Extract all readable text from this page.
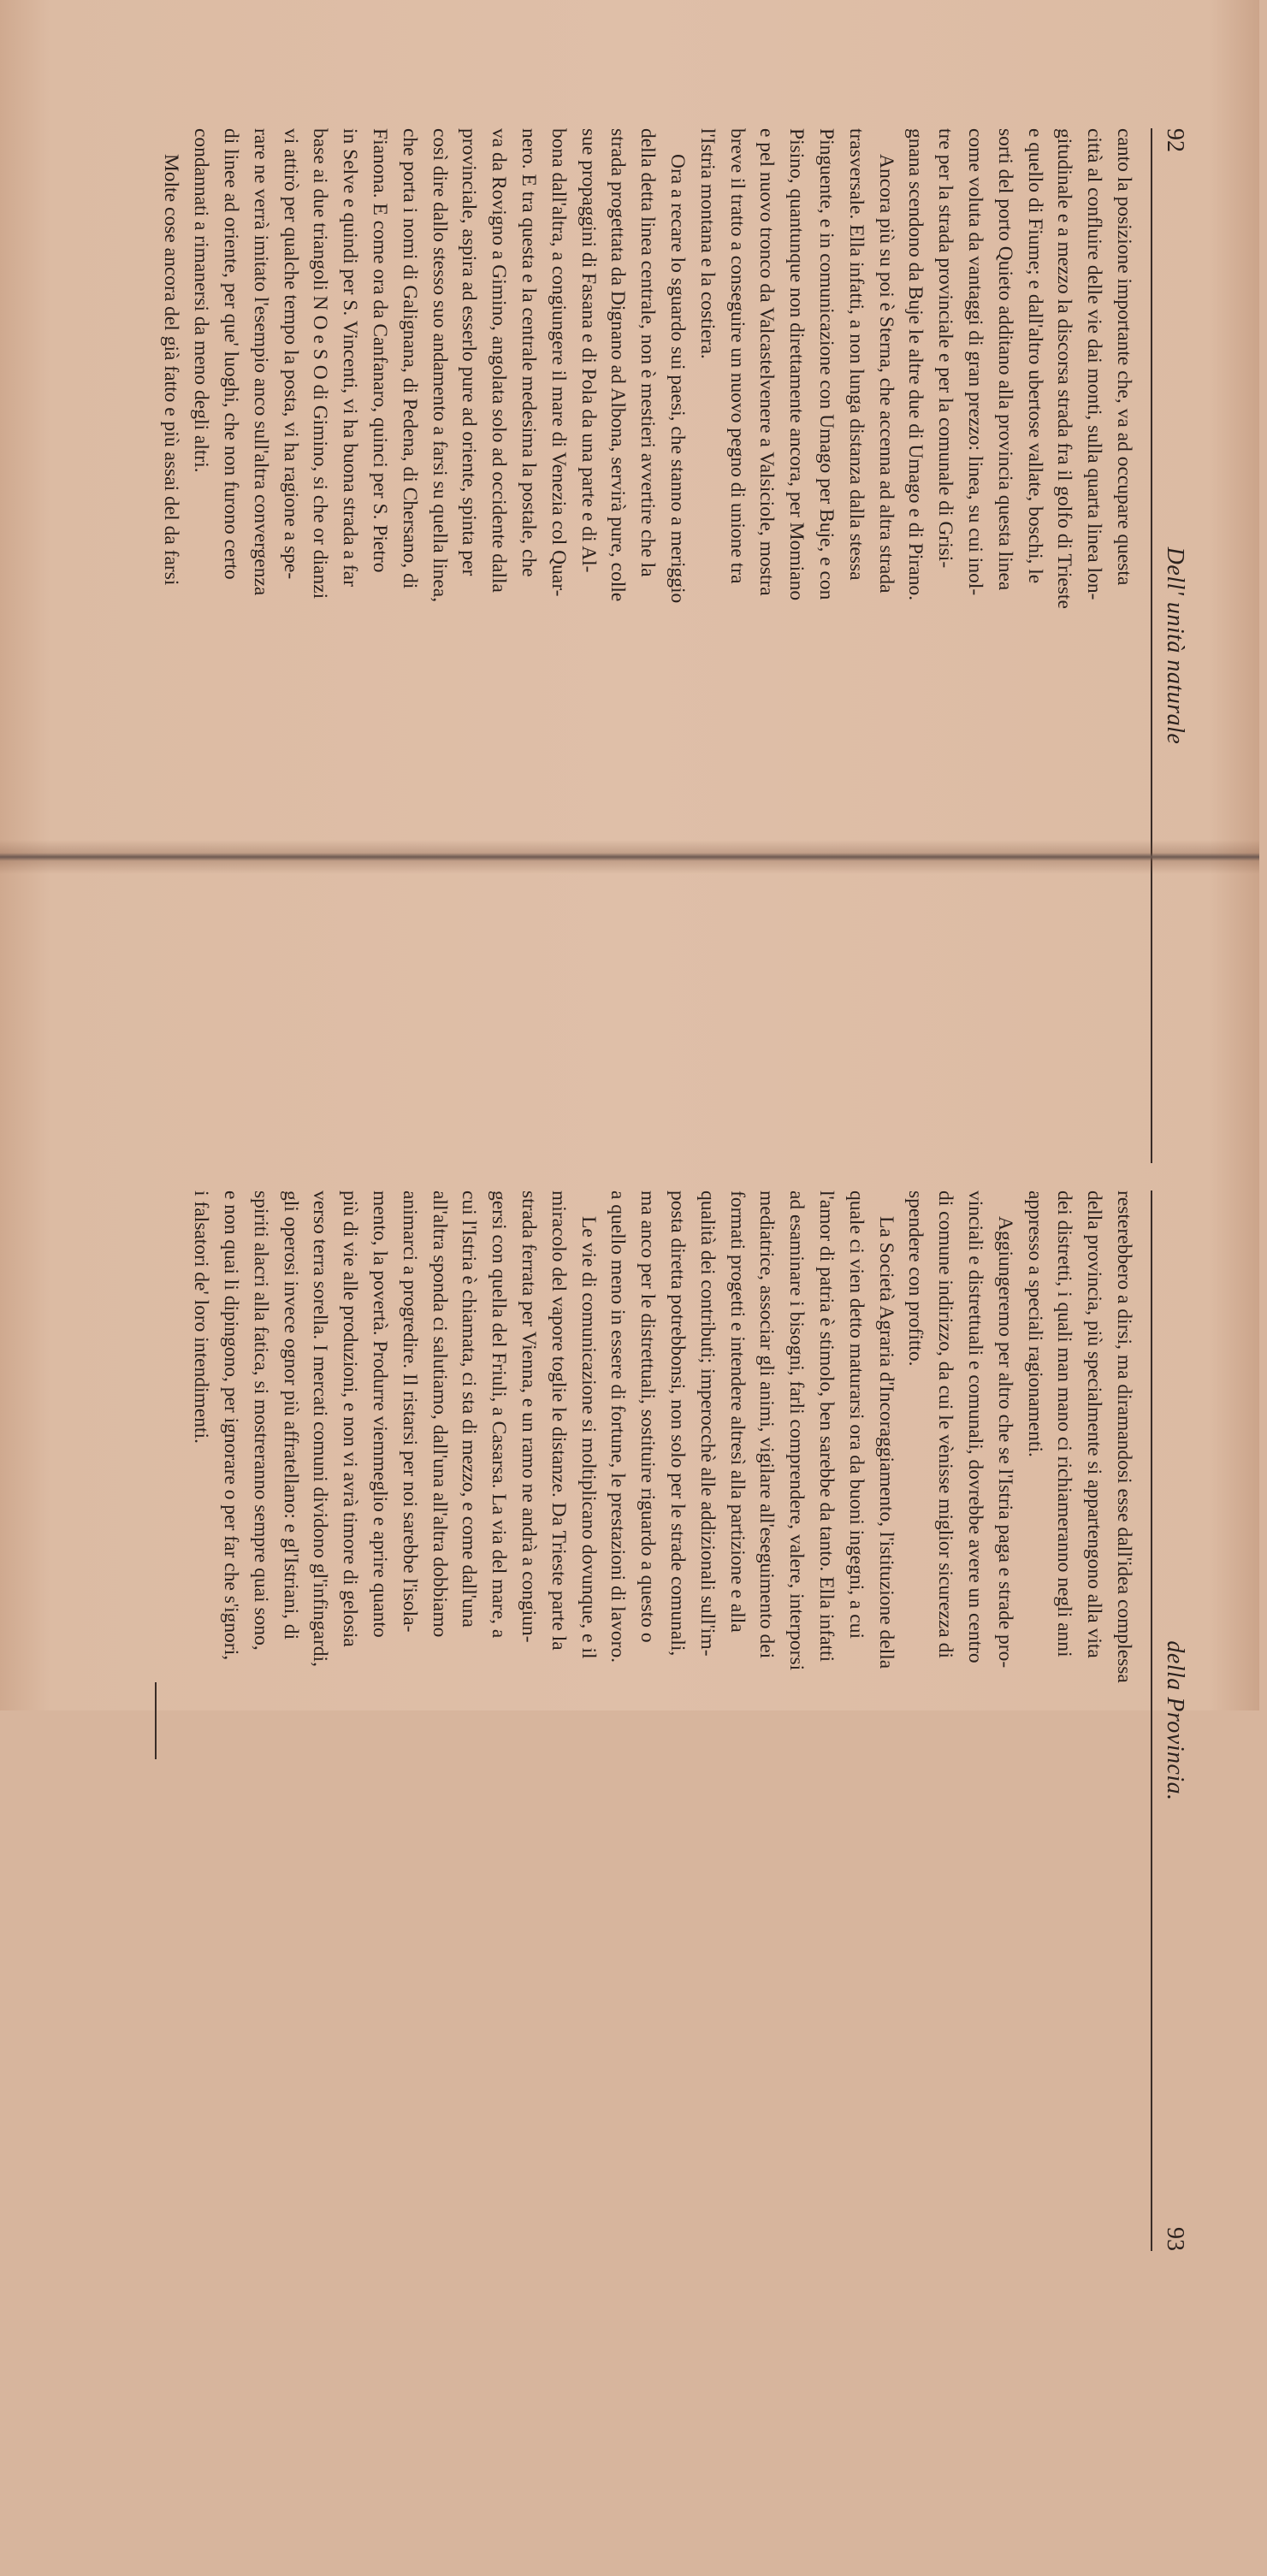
92
Dell' unità naturale

canto la posizione importante che, va ad occupare questa

città al confluire delle vie dai monti, sulla quarta linea lon-

gitudinale e a mezzo la discorsa strada fra il golfo di Trieste

e quello di Fiume; e dall'altro ubertose vallate, boschi, le

sorti del porto Quieto additano alla provincia questa linea

come voluta da vantaggi di gran prezzo: linea, su cui inol-

tre per la strada provinciale e per la comunale di Grisi-

gnana scendono da Buje le altre due di Umago e di Pirano.

Ancora più su poi è Sterna, che accenna ad altra strada

trasversale. Ella infatti, a non lunga distanza dalla stessa

Pinguente, e in comunicazione con Umago per Buje, e con

Pisino, quantunque non direttamente ancora, per Momiano

e pel nuovo tronco da Valcastelvenere a Valsiciole, mostra

breve il tratto a conseguire un nuovo pegno di unione tra

l'Istria montana e la costiera.

Ora a recare lo sguardo sui paesi, che stanno a meriggio

della detta linea centrale, non è mestieri avvertire che la

strada progettata da Dignano ad Albona, servirà pure, colle

sue propaggini di Fasana e di Pola da una parte e di Al-

bona dall'altra, a congiungere il mare di Venezia col Quar-

nero. E tra questa e la centrale medesima la postale, che

va da Rovigno a Gimino, angolata solo ad occidente dalla

provinciale, aspira ad esserlo pure ad oriente, spinta per

così dire dallo stesso suo andamento a farsi su quella linea,

che porta i nomi di Galignana, di Pedena, di Chersano, di

Fianona. E come ora da Canfanaro, quinci per S. Pietro

in Selve e quindi per S. Vincenti, vi ha buona strada a far

base ai due triangoli N O e S O di Gimino, si che or dianzi

vi attirò per qualche tempo la posta, vi ha ragione a spe-

rare ne verrà imitato l'esempio anco sull'altra convergenza

di linee ad oriente, per que' luoghi, che non furono certo

condannati a rimanersi da meno degli altri.

Molte cose ancora del già fatto e più assai del da farsi

della Provincia.
93

resterebbero a dirsi, ma diramandosi esse dall'idea complessa

della provincia, più specialmente si appartengono alla vita

dei distretti, i quali man mano ci richiameranno negli anni

appresso a speciali ragionamenti.

Aggiungeremo per altro che se l'Istria paga e strade pro-

vinciali e distrettuali e comunali, dovrebbe avere un centro

di comune indirizzo, da cui le vènisse miglior sicurezza di

spendere con profitto.

La Società Agraria d'Incoraggiamento, l'istituzione della

quale ci vien detto maturarsi ora da buoni ingegni, a cui

l'amor di patria è stimolo, ben sarebbe da tanto. Ella infatti

ad esaminare i bisogni, farli comprendere, valere, interporsi

mediatrice, associar gli animi, vigilare all'eseguimento dei

formati progetti e intendere altresì alla partizione e alla

qualità dei contributi; imperocchè alle addizionali sull'im-

posta diretta potrebbonsi, non solo per le strade comunali,

ma anco per le distrettuali, sostituire riguardo a questo o

a quello meno in essere di fortune, le prestazioni di lavoro.

Le vie di comunicazione si moltiplicano dovunque, e il

miracolo del vapore toglie le distanze. Da Trieste parte la

strada ferrata per Vienna, e un ramo ne andrà a congiun-

gersi con quella del Friuli, a Casarsa. La via del mare, a

cui l'Istria è chiamata, ci sta di mezzo, e come dall'una

all'altra sponda ci salutiamo, dall'una all'altra dobbiamo

animarci a progredire. Il ristarsi per noi sarebbe l'isola-

mento, la povertà. Produrre viemmeglio e aprire quanto

più di vie alle produzioni, e non vi avrà timore di gelosia

verso terra sorella. I mercati comuni dividono gl'infingardi,

gli operosi invece ognor più affratellano: e gl'Istriani, di

spiriti alacri alla fatica, si mostreranno sempre quai sono,

e non quai li dipingono, per ignorare o per far che s'ignori,

i falsatori de' loro intendimenti.
